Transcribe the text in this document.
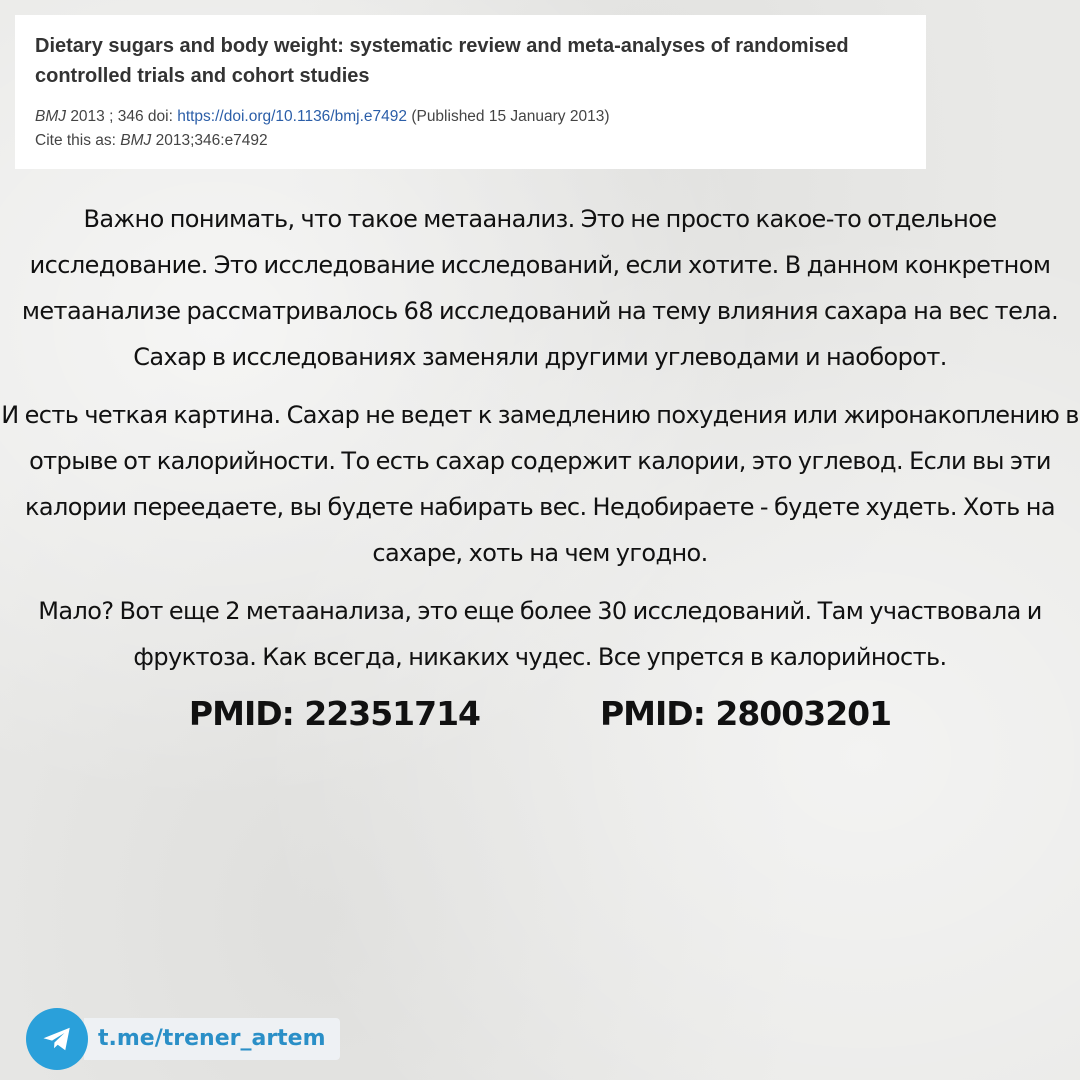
Dietary sugars and body weight: systematic review and meta-analyses of randomised controlled trials and cohort studies
BMJ 2013 ; 346 doi: https://doi.org/10.1136/bmj.e7492 (Published 15 January 2013)
Cite this as: BMJ 2013;346:e7492

Важно понимать, что такое метаанализ. Это не просто какое-то отдельное исследование. Это исследование исследований, если хотите. В данном конкретном метаанализе рассматривалось 68 исследований на тему влияния сахара на вес тела. Сахар в исследованиях заменяли другими углеводами и наоборот.

И есть четкая картина. Сахар не ведет к замедлению похудения или жиронакоплению в отрыве от калорийности. То есть сахар содержит калории, это углевод. Если вы эти калории переедаете, вы будете набирать вес. Недобираете - будете худеть. Хоть на сахаре, хоть на чем угодно.

Мало? Вот еще 2 метаанализа, это еще более 30 исследований. Там участвовала и фруктоза. Как всегда, никаких чудес. Все упрется в калорийность.

PMID: 22351714	PMID: 28003201
t.me/trener_artem
